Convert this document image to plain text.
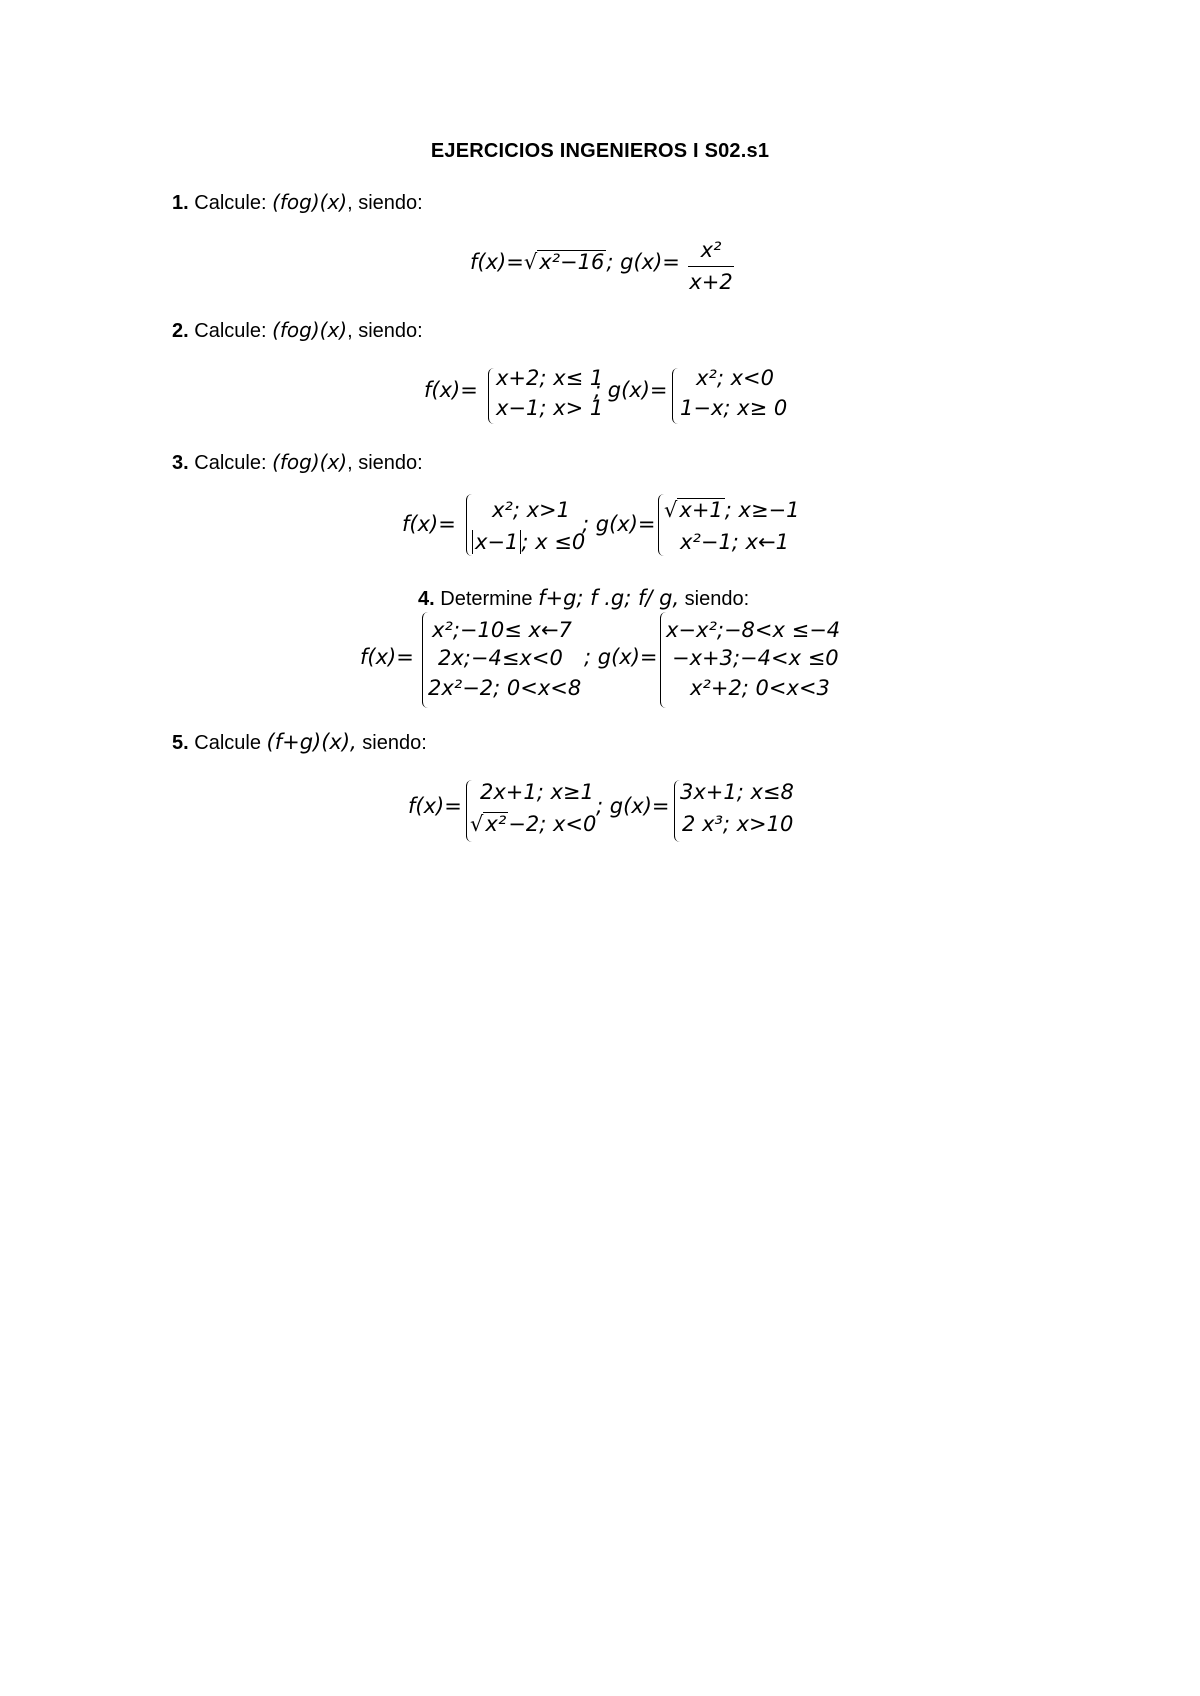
EJERCICIOS INGENIEROS I S02.s1
1. Calcule: (fog)(x), siendo:
f(x)=√x²−16; g(x)= x²
x+2
2. Calcule: (fog)(x), siendo:
f(x)= x+2; x≤ 1
x−1; x> 1
; g(x)= x²; x<0
1−x; x≥ 0
3. Calcule: (fog)(x), siendo:
f(x)=
x²; x>1
x−1 ; x ≤0
; g(x)=
√x+1; x≥−1
x²−1; x←1
4. Determine f+g; f .g; f/ g, siendo:
f(x)=
x²;−10≤ x←7
2x;−4≤x<0
2x²−2; 0<x<8
; g(x)=
x−x²;−8<x ≤−4
−x+3;−4<x ≤0
x²+2; 0<x<3
5. Calcule (f+g)(x), siendo:
f(x)=
2x+1; x≥1
√x²−2; x<0
; g(x)=
3x+1; x≤8
2 x³; x>10
